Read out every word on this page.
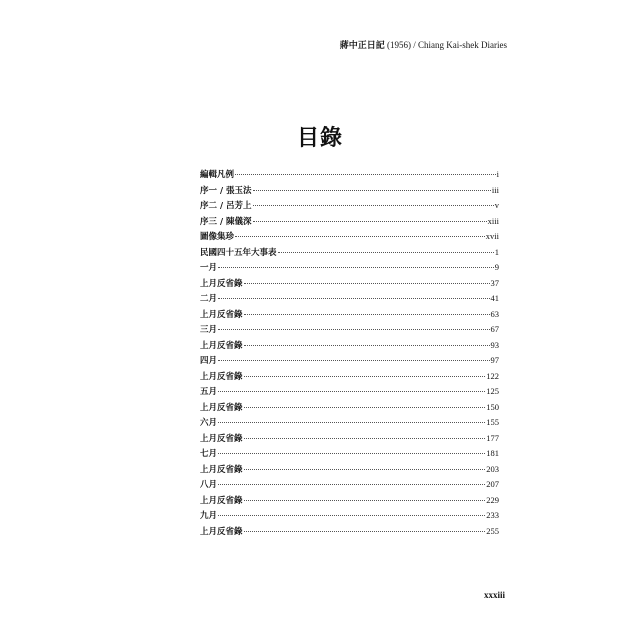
蔣中正日記 (1956) / Chiang Kai-shek Diaries
目錄
編輯凡例	i
序一 / 張玉法	iii
序二 / 呂芳上	v
序三 / 陳儀深	xiii
圖像集珍	xvii
民國四十五年大事表	1
一月	9
上月反省錄	37
二月	41
上月反省錄	63
三月	67
上月反省錄	93
四月	97
上月反省錄	122
五月	125
上月反省錄	150
六月	155
上月反省錄	177
七月	181
上月反省錄	203
八月	207
上月反省錄	229
九月	233
上月反省錄	255
xxxiii
